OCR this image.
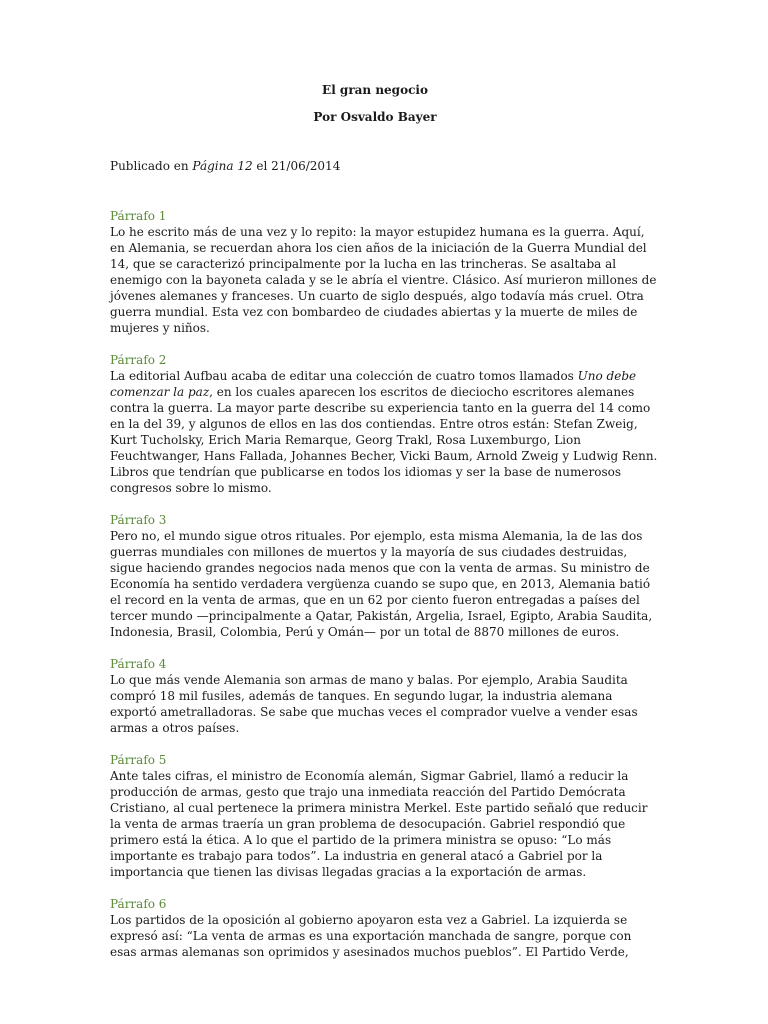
El gran negocio

Por Osvaldo Bayer

Publicado en Página 12 el 21/06/2014

Párrafo 1

Lo he escrito más de una vez y lo repito: la mayor estupidez humana es la guerra. Aquí, en Alemania, se recuerdan ahora los cien años de la iniciación de la Guerra Mundial del 14, que se caracterizó principalmente por la lucha en las trincheras. Se asaltaba al enemigo con la bayoneta calada y se le abría el vientre. Clásico. Así murieron millones de jóvenes alemanes y franceses. Un cuarto de siglo después, algo todavía más cruel. Otra guerra mundial. Esta vez con bombardeo de ciudades abiertas y la muerte de miles de mujeres y niños.

Párrafo 2

La editorial Aufbau acaba de editar una colección de cuatro tomos llamados Uno debe comenzar la paz, en los cuales aparecen los escritos de dieciocho escritores alemanes contra la guerra. La mayor parte describe su experiencia tanto en la guerra del 14 como en la del 39, y algunos de ellos en las dos contiendas. Entre otros están: Stefan Zweig, Kurt Tucholsky, Erich Maria Remarque, Georg Trakl, Rosa Luxemburgo, Lion Feuchtwanger, Hans Fallada, Johannes Becher, Vicki Baum, Arnold Zweig y Ludwig Renn. Libros que tendrían que publicarse en todos los idiomas y ser la base de numerosos congresos sobre lo mismo.

Párrafo 3

Pero no, el mundo sigue otros rituales. Por ejemplo, esta misma Alemania, la de las dos guerras mundiales con millones de muertos y la mayoría de sus ciudades destruidas, sigue haciendo grandes negocios nada menos que con la venta de armas. Su ministro de Economía ha sentido verdadera vergüenza cuando se supo que, en 2013, Alemania batió el record en la venta de armas, que en un 62 por ciento fueron entregadas a países del tercer mundo —principalmente a Qatar, Pakistán, Argelia, Israel, Egipto, Arabia Saudita, Indonesia, Brasil, Colombia, Perú y Omán— por un total de 8870 millones de euros.

Párrafo 4

Lo que más vende Alemania son armas de mano y balas. Por ejemplo, Arabia Saudita compró 18 mil fusiles, además de tanques. En segundo lugar, la industria alemana exportó ametralladoras. Se sabe que muchas veces el comprador vuelve a vender esas armas a otros países.

Párrafo 5

Ante tales cifras, el ministro de Economía alemán, Sigmar Gabriel, llamó a reducir la producción de armas, gesto que trajo una inmediata reacción del Partido Demócrata Cristiano, al cual pertenece la primera ministra Merkel. Este partido señaló que reducir la venta de armas traería un gran problema de desocupación. Gabriel respondió que primero está la ética. A lo que el partido de la primera ministra se opuso: “Lo más importante es trabajo para todos”. La industria en general atacó a Gabriel por la importancia que tienen las divisas llegadas gracias a la exportación de armas.

Párrafo 6

Los partidos de la oposición al gobierno apoyaron esta vez a Gabriel. La izquierda se expresó así: “La venta de armas es una exportación manchada de sangre, porque con esas armas alemanas son oprimidos y asesinados muchos pueblos”. El Partido Verde,
